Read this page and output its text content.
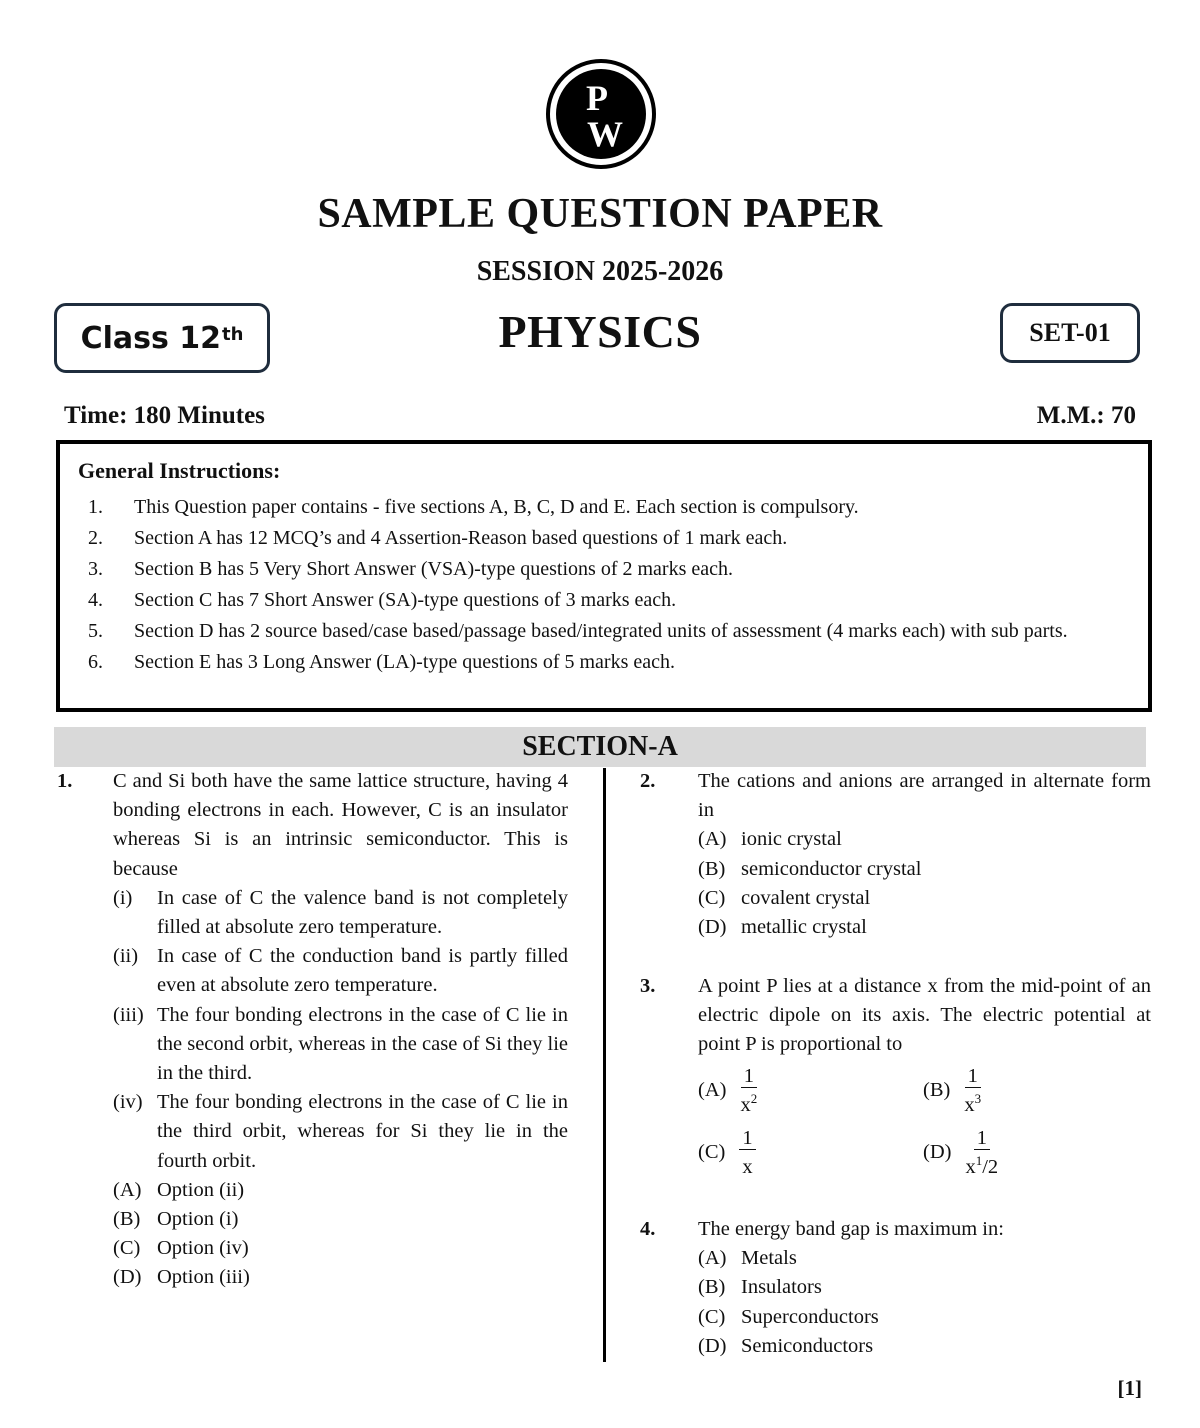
P
W
SAMPLE QUESTION PAPER
SESSION 2025-2026
PHYSICS
Class 12th	SET-01
Time: 180 Minutes	M.M.: 70
General Instructions:
1.	This Question paper contains - five sections A, B, C, D and E. Each section is compulsory.
2.	Section A has 12 MCQ’s and 4 Assertion-Reason based questions of 1 mark each.
3.	Section B has 5 Very Short Answer (VSA)-type questions of 2 marks each.
4.	Section C has 7 Short Answer (SA)-type questions of 3 marks each.
5.	Section D has 2 source based/case based/passage based/integrated units of assessment (4 marks each) with sub parts.
6.	Section E has 3 Long Answer (LA)-type questions of 5 marks each.
SECTION-A
1. C and Si both have the same lattice structure, having 4 bonding electrons in each. However, C is an insulator whereas Si is an intrinsic semiconductor. This is because

(i)	In case of C the valence band is not completely filled at absolute zero temperature.

(ii) In case of C the conduction band is partly filled even at absolute zero temperature.

(iii) The four bonding electrons in the case of C lie in the second orbit, whereas in the case of Si they lie in the third.

(iv) The four bonding electrons in the case of C lie in the third orbit, whereas for Si they lie in the fourth orbit.

(A) Option (ii)
(B) Option (i)
(C) Option (iv)
(D) Option (iii)
2. The cations and anions are arranged in alternate form in

(A) ionic crystal
(B) semiconductor crystal
(C) covalent crystal
(D) metallic crystal
3. A point P lies at a distance x from the mid-point of an electric dipole on its axis. The electric potential at point P is proportional to

$(A) \frac{1}{x^2}$	$(B) \frac{1}{x^3}$
$(C) \frac{1}{x}$	$(D) \frac{1}{x^1/2}$
4. The energy band gap is maximum in:

(A) Metals
(B) Insulators
(C) Superconductors
(D) Semiconductors
[1]
